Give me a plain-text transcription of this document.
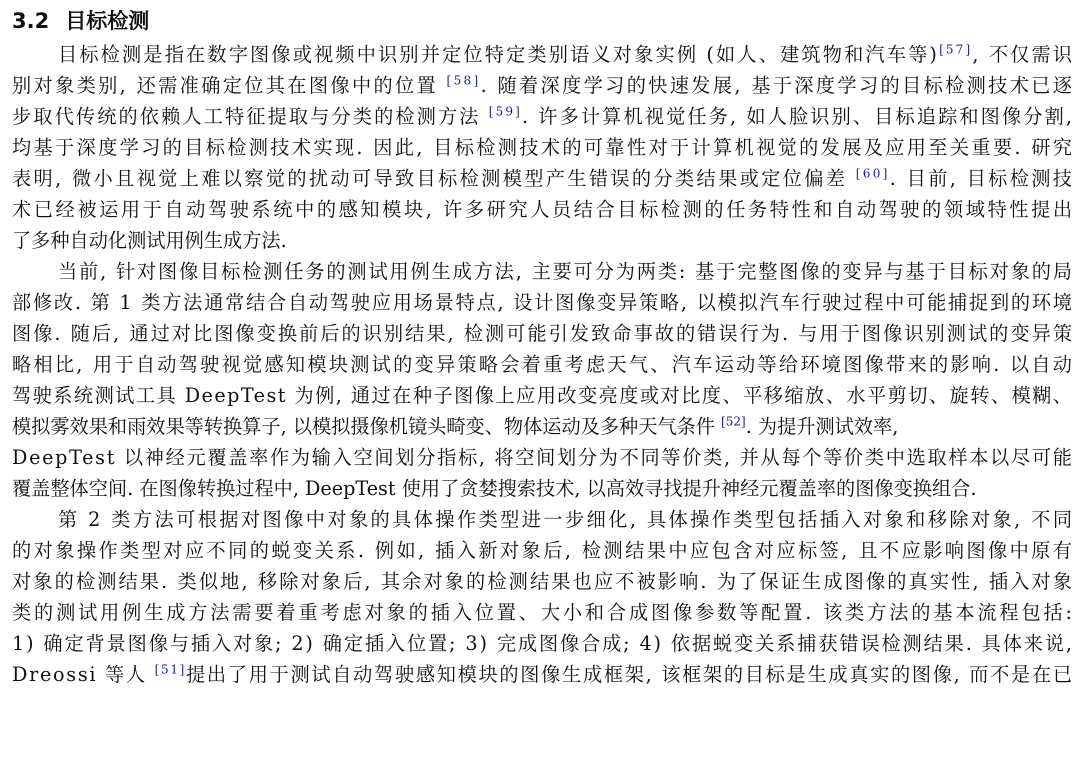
3.2 目标检测

目标检测是指在数字图像或视频中识别并定位特定类别语义对象实例 (如人、建筑物和汽车等)[57], 不仅需识
别对象类别, 还需准确定位其在图像中的位置 [58]. 随着深度学习的快速发展, 基于深度学习的目标检测技术已逐
步取代传统的依赖人工特征提取与分类的检测方法 [59]. 许多计算机视觉任务, 如人脸识别、目标追踪和图像分割,
均基于深度学习的目标检测技术实现. 因此, 目标检测技术的可靠性对于计算机视觉的发展及应用至关重要. 研究
表明, 微小且视觉上难以察觉的扰动可导致目标检测模型产生错误的分类结果或定位偏差 [60]. 目前, 目标检测技
术已经被运用于自动驾驶系统中的感知模块, 许多研究人员结合目标检测的任务特性和自动驾驶的领域特性提出
了多种自动化测试用例生成方法.

当前, 针对图像目标检测任务的测试用例生成方法, 主要可分为两类: 基于完整图像的变异与基于目标对象的局
部修改. 第 1 类方法通常结合自动驾驶应用场景特点, 设计图像变异策略, 以模拟汽车行驶过程中可能捕捉到的环境
图像. 随后, 通过对比图像变换前后的识别结果, 检测可能引发致命事故的错误行为. 与用于图像识别测试的变异策
略相比, 用于自动驾驶视觉感知模块测试的变异策略会着重考虑天气、汽车运动等给环境图像带来的影响. 以自动
驾驶系统测试工具 DeepTest 为例, 通过在种子图像上应用改变亮度或对比度、平移缩放、水平剪切、旋转、模糊、
模拟雾效果和雨效果等转换算子, 以模拟摄像机镜头畸变、物体运动及多种天气条件 [52]. 为提升测试效率,
DeepTest 以神经元覆盖率作为输入空间划分指标, 将空间划分为不同等价类, 并从每个等价类中选取样本以尽可能
覆盖整体空间. 在图像转换过程中, DeepTest 使用了贪婪搜索技术, 以高效寻找提升神经元覆盖率的图像变换组合.

第 2 类方法可根据对图像中对象的具体操作类型进一步细化, 具体操作类型包括插入对象和移除对象, 不同
的对象操作类型对应不同的蜕变关系. 例如, 插入新对象后, 检测结果中应包含对应标签, 且不应影响图像中原有
对象的检测结果. 类似地, 移除对象后, 其余对象的检测结果也应不被影响. 为了保证生成图像的真实性, 插入对象
类的测试用例生成方法需要着重考虑对象的插入位置、大小和合成图像参数等配置. 该类方法的基本流程包括:
1) 确定背景图像与插入对象; 2) 确定插入位置; 3) 完成图像合成; 4) 依据蜕变关系捕获错误检测结果. 具体来说,
Dreossi 等人 [51]提出了用于测试自动驾驶感知模块的图像生成框架, 该框架的目标是生成真实的图像, 而不是在已
